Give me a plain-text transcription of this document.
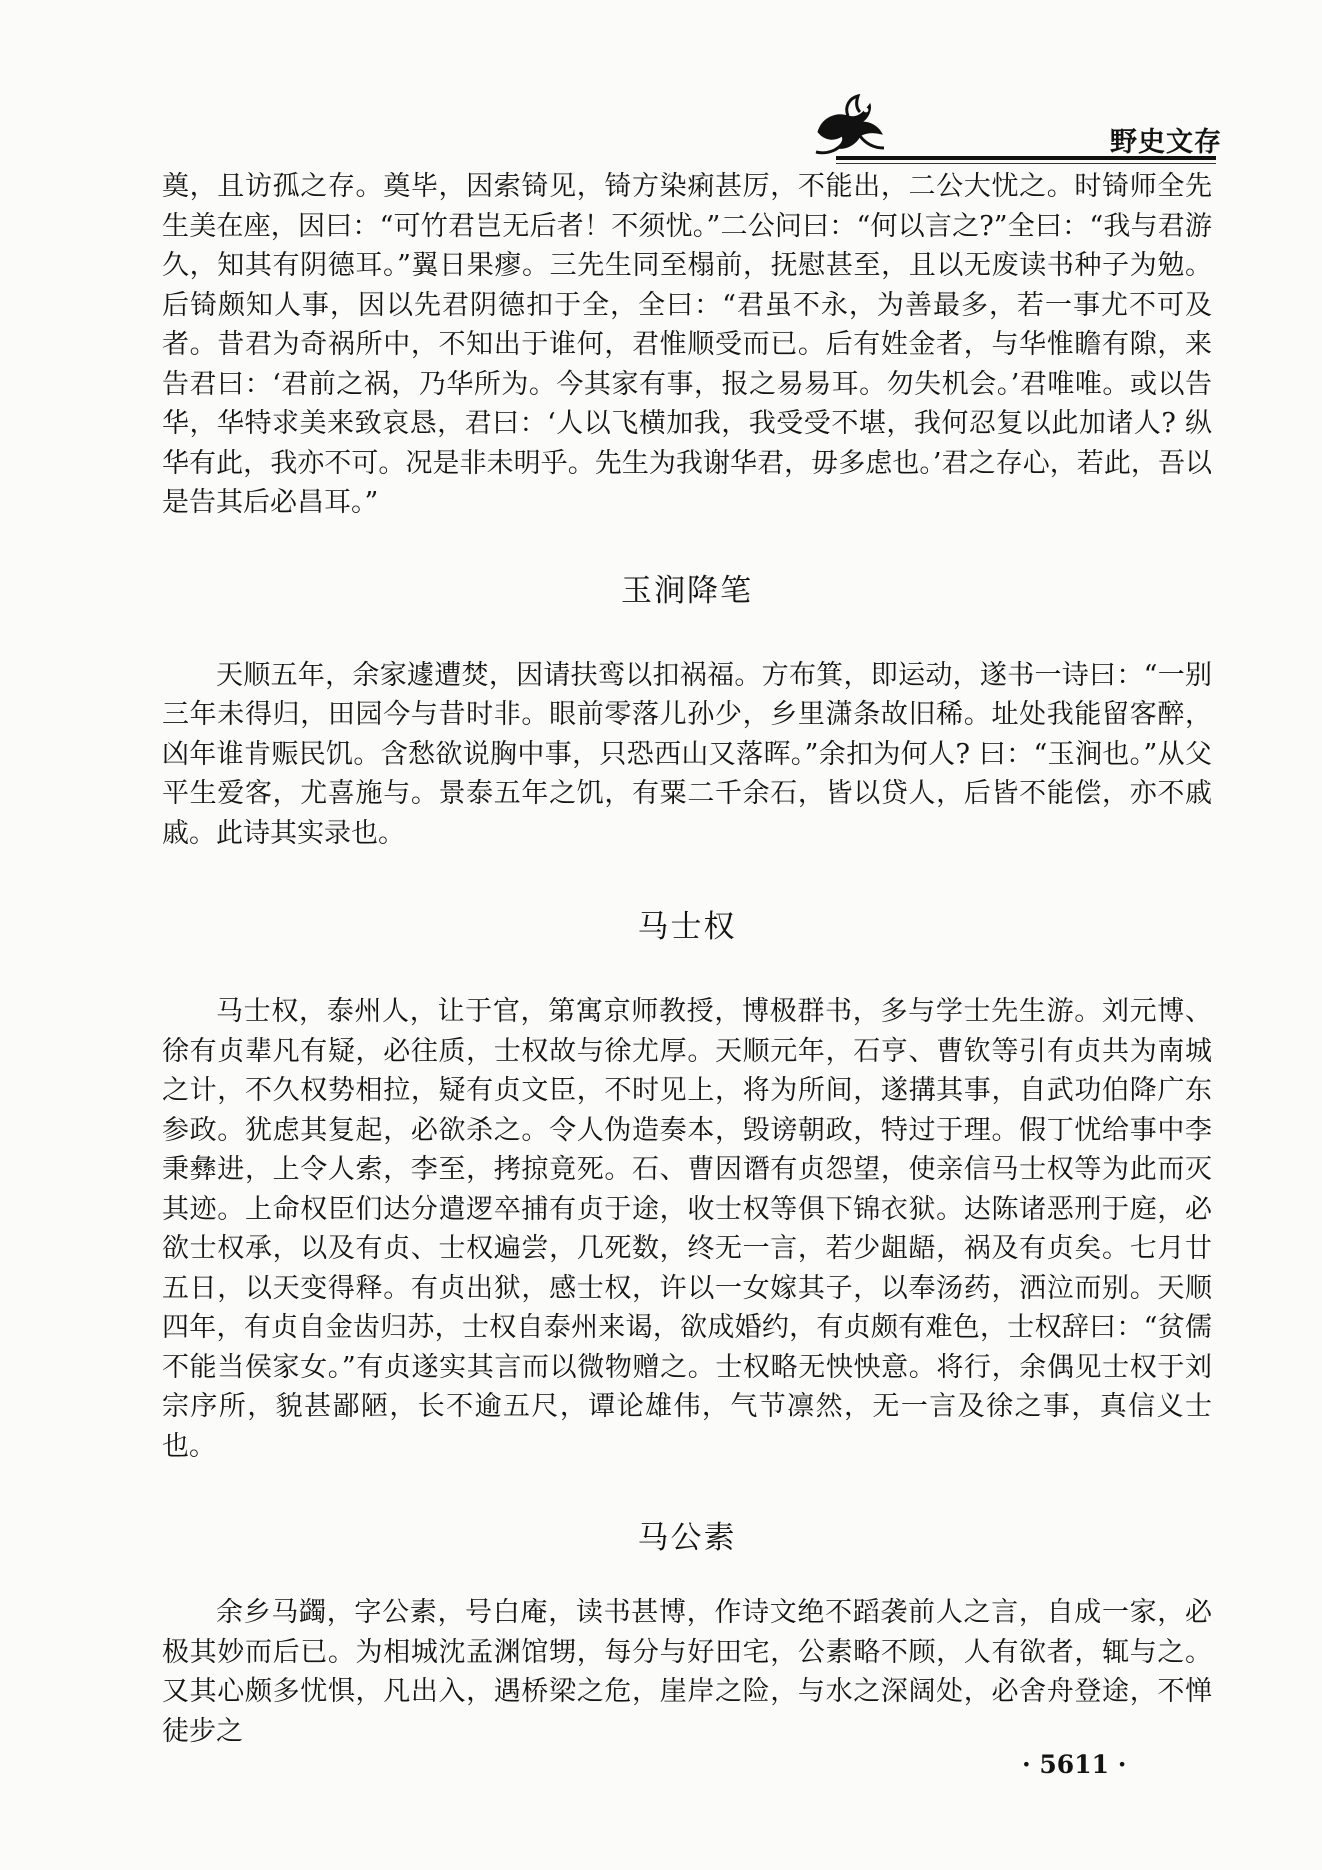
野史文存

奠，且访孤之存。奠毕，因索锜见，锜方染痢甚厉，不能出，二公大忧之。时锜师全先生美在座，因曰：“可竹君岂无后者！不须忧。”二公问曰：“何以言之?”全曰：“我与君游久，知其有阴德耳。”翼日果瘳。三先生同至榻前，抚慰甚至，且以无废读书种子为勉。后锜颇知人事，因以先君阴德扣于全，全曰：“君虽不永，为善最多，若一事尤不可及者。昔君为奇祸所中，不知出于谁何，君惟顺受而已。后有姓金者，与华惟瞻有隙，来告君曰：‘君前之祸，乃华所为。今其家有事，报之易易耳。勿失机会。’君唯唯。或以告华，华特求美来致哀恳，君曰：‘人以飞横加我，我受受不堪，我何忍复以此加诸人? 纵华有此，我亦不可。况是非未明乎。先生为我谢华君，毋多虑也。’君之存心，若此，吾以是告其后必昌耳。”

玉涧降笔

天顺五年，余家遽遭焚，因请扶鸾以扣祸福。方布箕，即运动，遂书一诗曰：“一别三年未得归，田园今与昔时非。眼前零落儿孙少，乡里潇条故旧稀。址处我能留客醉，凶年谁肯赈民饥。含愁欲说胸中事，只恐西山又落晖。”余扣为何人? 曰：“玉涧也。”从父平生爱客，尤喜施与。景泰五年之饥，有粟二千余石，皆以贷人，后皆不能偿，亦不戚戚。此诗其实录也。

马士权

马士权，泰州人，让于官，第寓京师教授，博极群书，多与学士先生游。刘元博、徐有贞辈凡有疑，必往质，士权故与徐尤厚。天顺元年，石亨、曹钦等引有贞共为南城之计，不久权势相拉，疑有贞文臣，不时见上，将为所间，遂搆其事，自武功伯降广东参政。犹虑其复起，必欲杀之。令人伪造奏本，毁谤朝政，特过于理。假丁忧给事中李秉彝进，上令人索，李至，拷掠竟死。石、曹因谮有贞怨望，使亲信马士权等为此而灭其迹。上命权臣们达分遣逻卒捕有贞于途，收士权等俱下锦衣狱。达陈诸恶刑于庭，必欲士权承，以及有贞、士权遍尝，几死数，终无一言，若少龃龉，祸及有贞矣。七月廿五日，以天变得释。有贞出狱，感士权，许以一女嫁其子，以奉汤药，洒泣而别。天顺四年，有贞自金齿归苏，士权自泰州来谒，欲成婚约，有贞颇有难色，士权辞曰：“贫儒不能当侯家女。”有贞遂实其言而以微物赠之。士权略无怏怏意。将行，余偶见士权于刘宗序所，貌甚鄙陋，长不逾五尺，谭论雄伟，气节凛然，无一言及徐之事，真信义士也。

马公素

余乡马蠲，字公素，号白庵，读书甚博，作诗文绝不蹈袭前人之言，自成一家，必极其妙而后已。为相城沈孟渊馆甥，每分与好田宅，公素略不顾，人有欲者，辄与之。又其心颇多忧惧，凡出入，遇桥梁之危，崖岸之险，与水之深阔处，必舍舟登途，不惮徒步之

· 5611 ·
